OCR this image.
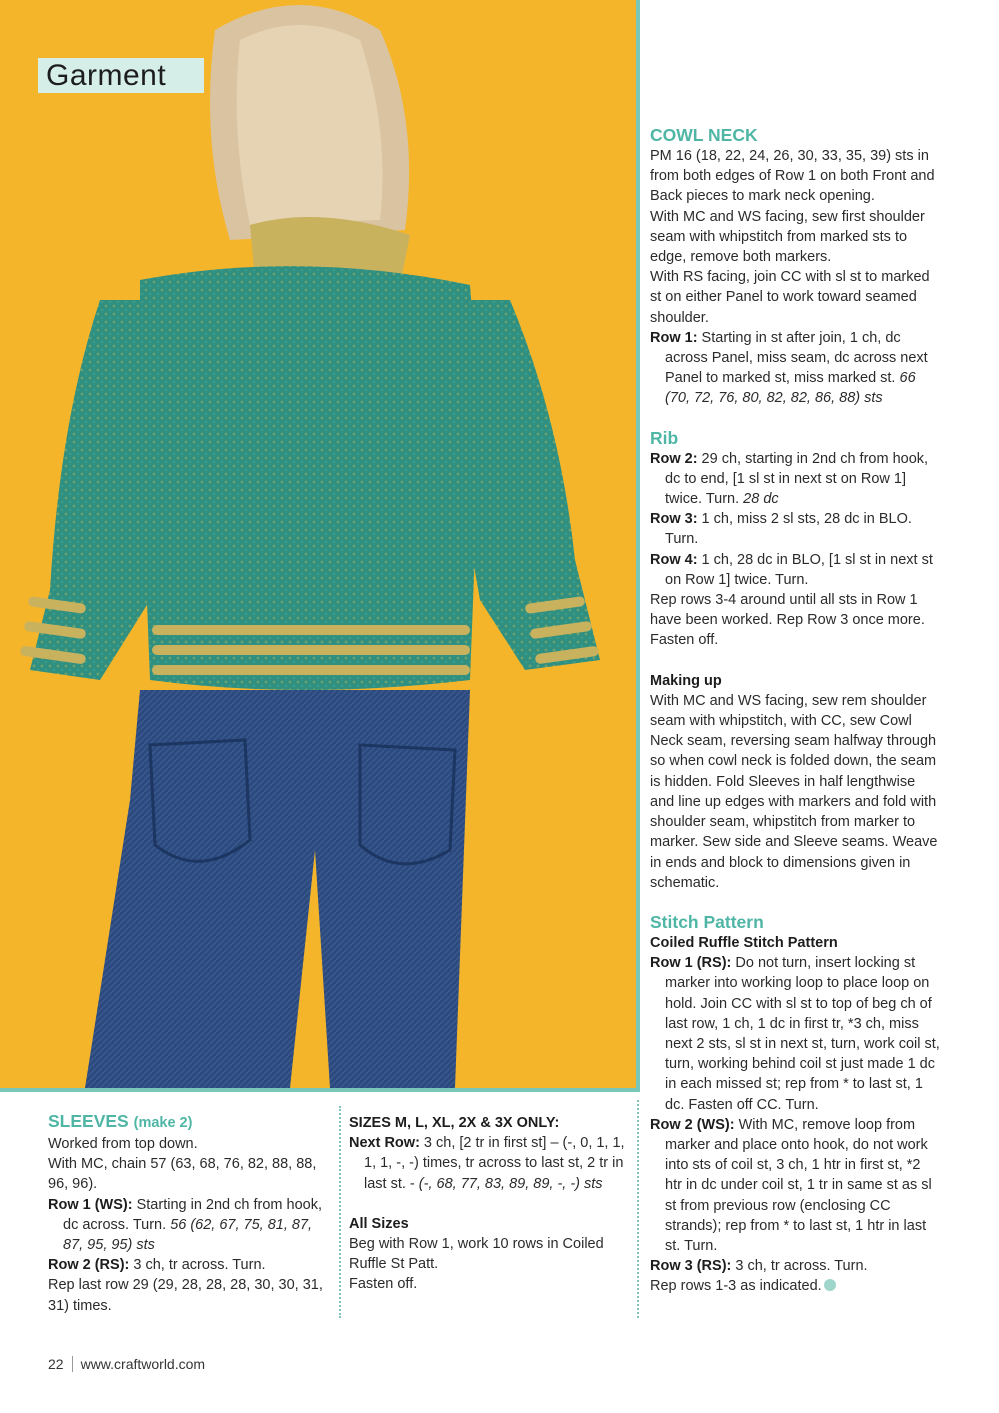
Garment
COWL NECK

PM 16 (18, 22, 24, 26, 30, 33, 35, 39) sts in from both edges of Row 1 on both Front and Back pieces to mark neck opening.

With MC and WS facing, sew first shoulder seam with whipstitch from marked sts to edge, remove both markers.

With RS facing, join CC with sl st to marked st on either Panel to work toward seamed shoulder.

Row 1: Starting in st after join, 1 ch, dc across Panel, miss seam, dc across next Panel to marked st, miss marked st. 66 (70, 72, 76, 80, 82, 82, 86, 88) sts

Rib

Row 2: 29 ch, starting in 2nd ch from hook, dc to end, [1 sl st in next st on Row 1] twice. Turn. 28 dc

Row 3: 1 ch, miss 2 sl sts, 28 dc in BLO. Turn.

Row 4: 1 ch, 28 dc in BLO, [1 sl st in next st on Row 1] twice. Turn.

Rep rows 3-4 around until all sts in Row 1 have been worked. Rep Row 3 once more. Fasten off.

Making up

With MC and WS facing, sew rem shoulder seam with whipstitch, with CC, sew Cowl Neck seam, reversing seam halfway through so when cowl neck is folded down, the seam is hidden. Fold Sleeves in half lengthwise and line up edges with markers and fold with shoulder seam, whipstitch from marker to marker. Sew side and Sleeve seams. Weave in ends and block to dimensions given in schematic.

Stitch Pattern
Coiled Ruffle Stitch Pattern

Row 1 (RS): Do not turn, insert locking st marker into working loop to place loop on hold. Join CC with sl st to top of beg ch of last row, 1 ch, 1 dc in first tr, *3 ch, miss next 2 sts, sl st in next st, turn, work coil st, turn, working behind coil st just made 1 dc in each missed st; rep from * to last st, 1 dc. Fasten off CC. Turn.

Row 2 (WS): With MC, remove loop from marker and place onto hook, do not work into sts of coil st, 3 ch, 1 htr in first st, *2 htr in dc under coil st, 1 tr in same st as sl st from previous row (enclosing CC strands); rep from * to last st, 1 htr in last st. Turn.

Row 3 (RS): 3 ch, tr across. Turn.

Rep rows 1-3 as indicated.

SLEEVES (make 2)

Worked from top down.

With MC, chain 57 (63, 68, 76, 82, 88, 88, 96, 96).

Row 1 (WS): Starting in 2nd ch from hook, dc across. Turn. 56 (62, 67, 75, 81, 87, 87, 95, 95) sts

Row 2 (RS): 3 ch, tr across. Turn.

Rep last row 29 (29, 28, 28, 28, 30, 30, 31, 31) times.

SIZES M, L, XL, 2X & 3X ONLY:

Next Row: 3 ch, [2 tr in first st] – (-, 0, 1, 1, 1, 1, -, -) times, tr across to last st, 2 tr in last st. - (-, 68, 77, 83, 89, 89, -, -) sts

All Sizes

Beg with Row 1, work 10 rows in Coiled Ruffle St Patt.

Fasten off.

22 www.craftworld.com
